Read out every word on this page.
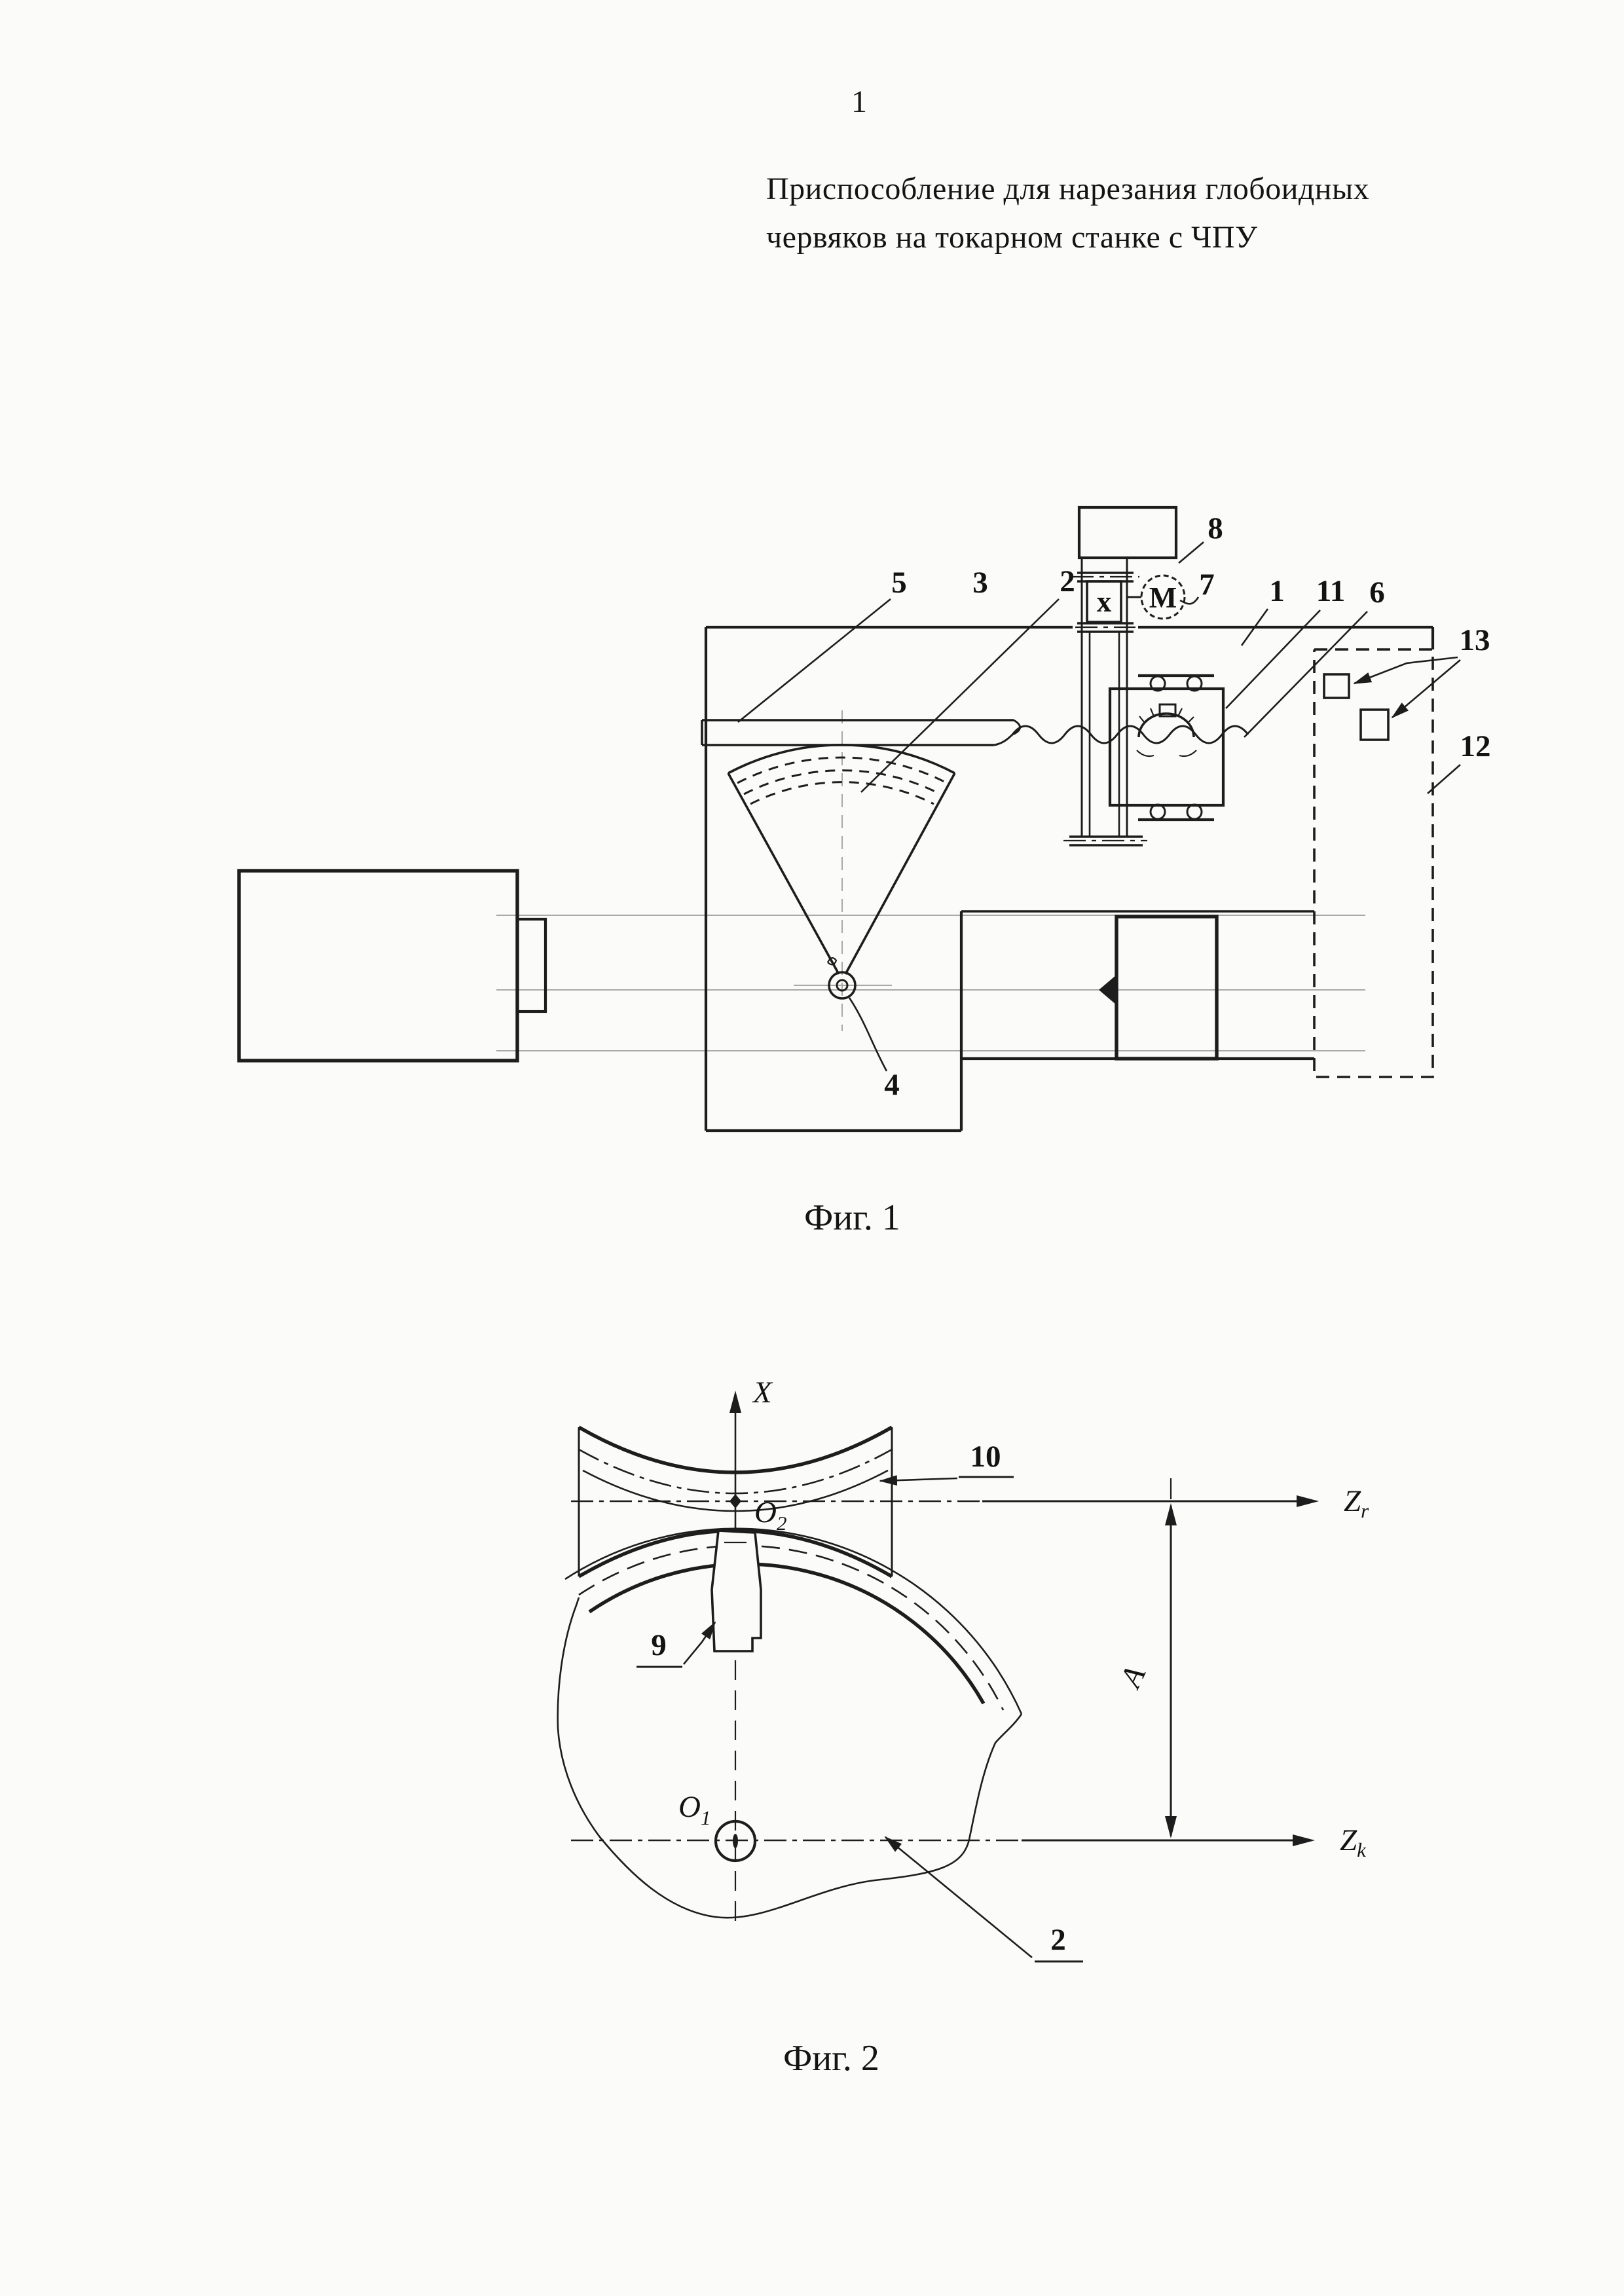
1
Приспособление для нарезания глобоидных
червяков на токарном станке с ЧПУ
Фиг. 1
Фиг. 2
х М
5 3 2	7
8
1 11 6
13
12
4
X
$Z_r$
$Z_k$
$O_2$
$O_1$
A
10
9
2
